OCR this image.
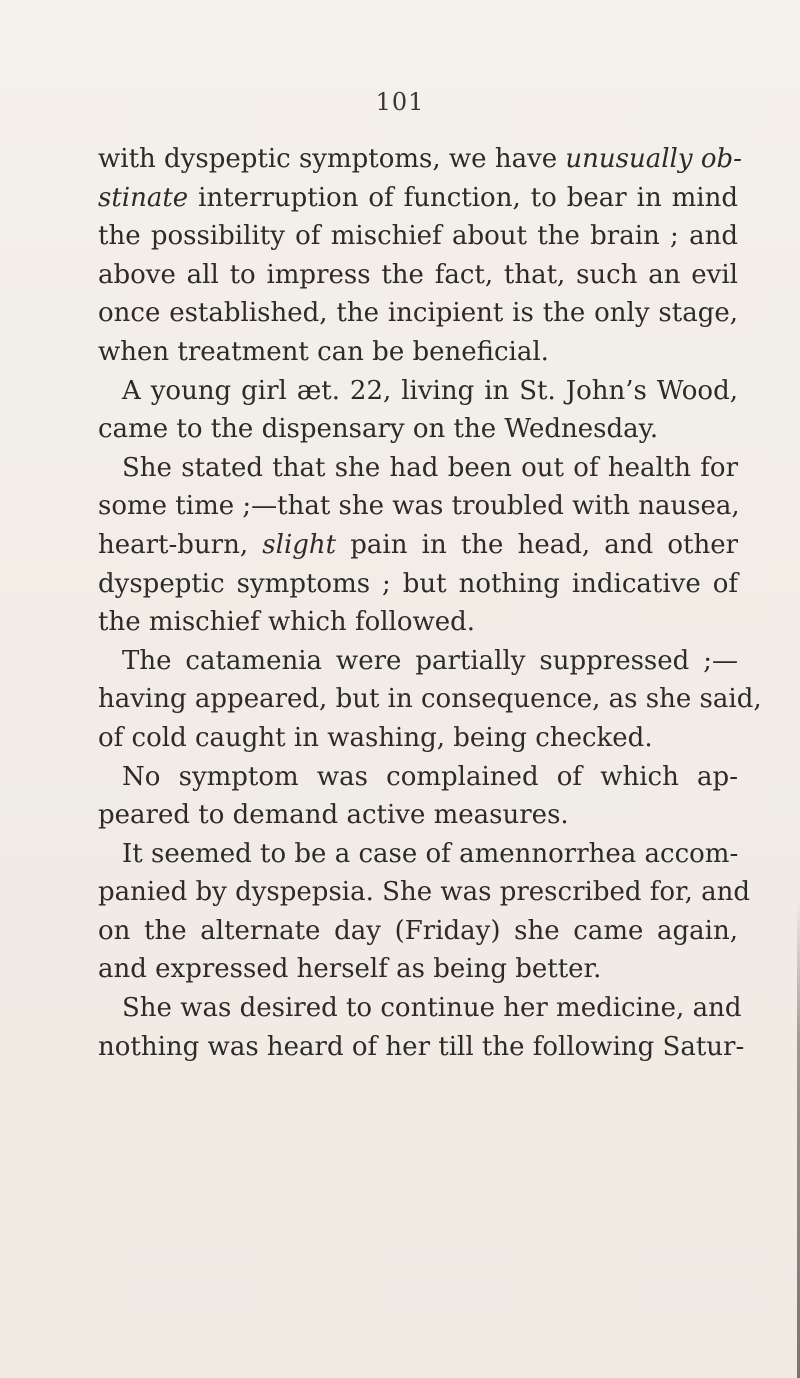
101
with dyspeptic symptoms, we have unusually ob-
stinate interruption of function, to bear in mind
the possibility of mischief about the brain ; and
above all to impress the fact, that, such an evil
once established, the incipient is the only stage,
when treatment can be beneficial.
A young girl æt. 22, living in St. John’s Wood,
came to the dispensary on the Wednesday.
She stated that she had been out of health for
some time ;—that she was troubled with nausea,
heart-burn, slight pain in the head, and other
dyspeptic symptoms ; but nothing indicative of
the mischief which followed.
The catamenia were partially suppressed ;—
having appeared, but in consequence, as she said,
of cold caught in washing, being checked.
No symptom was complained of which ap-
peared to demand active measures.
It seemed to be a case of amennorrhea accom-
panied by dyspepsia. She was prescribed for, and
on the alternate day (Friday) she came again,
and expressed herself as being better.
She was desired to continue her medicine, and
nothing was heard of her till the following Satur-
